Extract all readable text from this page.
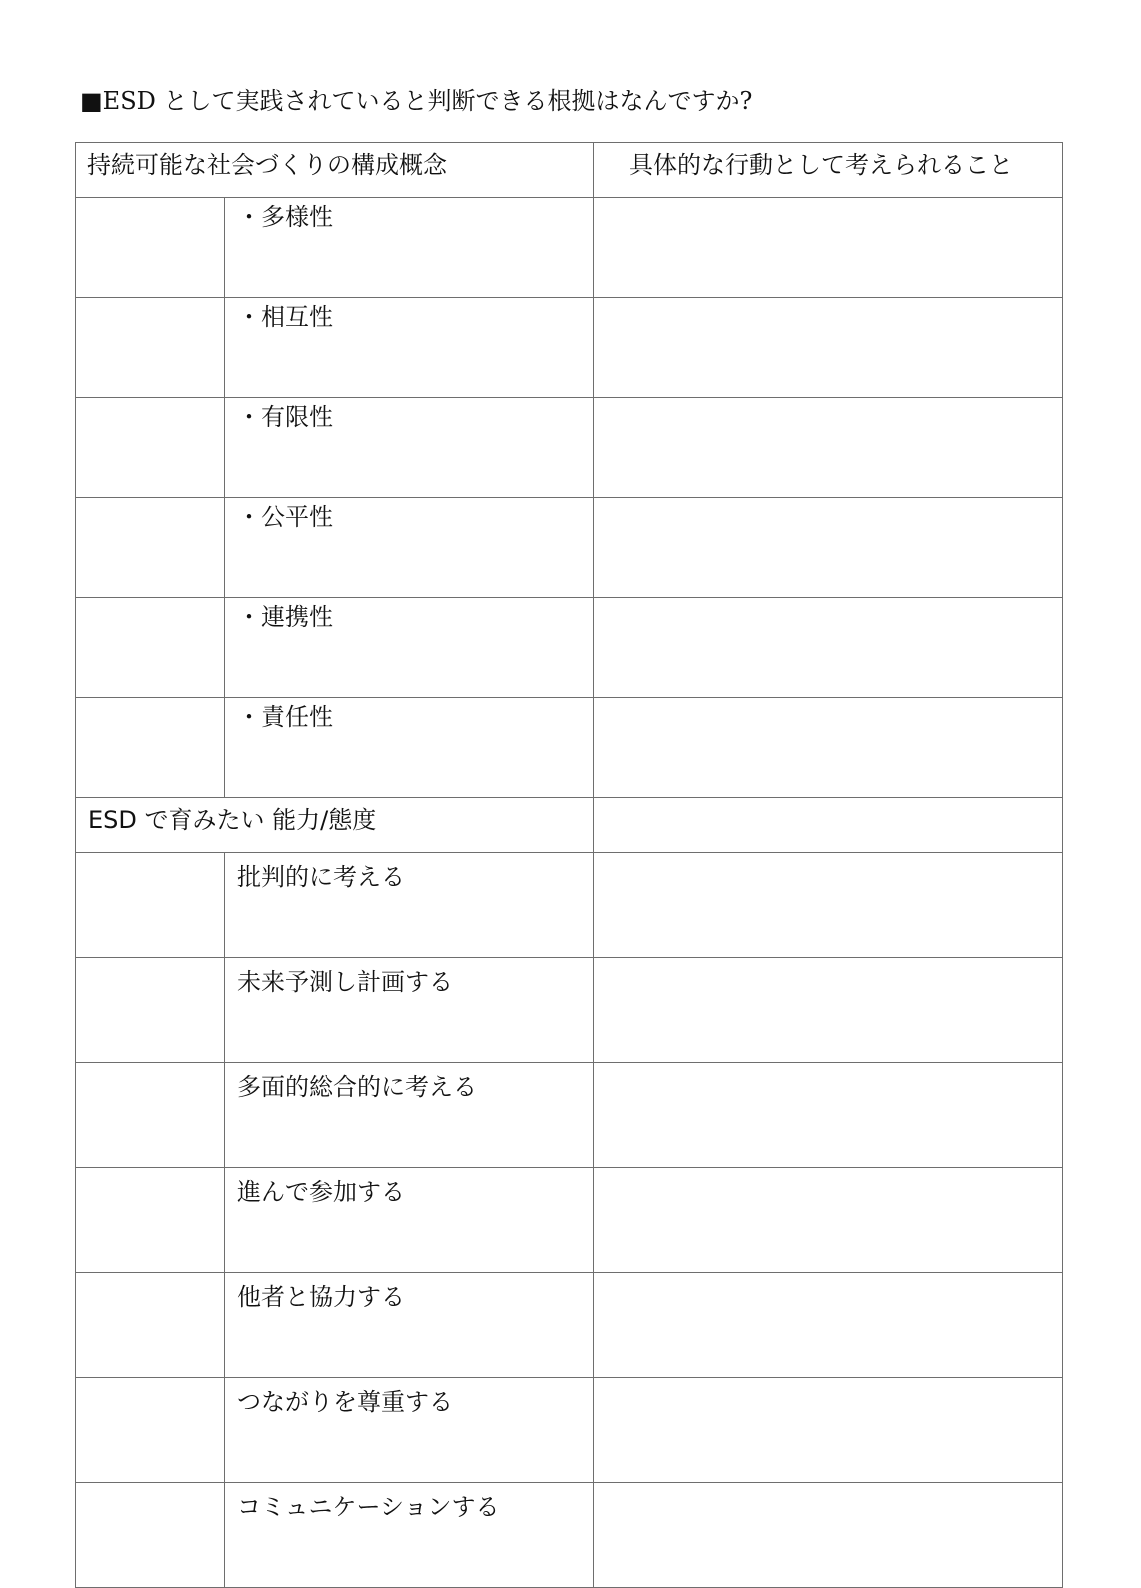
■ESD として実践されていると判断できる根拠はなんですか?
持続可能な社会づくりの構成概念		具体的な行動として考えられること
	・多様性	
	・相互性	
	・有限性	
	・公平性	
	・連携性	
	・責任性	
ESD で育みたい 能力/態度		
	批判的に考える	
	未来予測し計画する	
	多面的総合的に考える	
	進んで参加する	
	他者と協力する	
	つながりを尊重する	
	コミュニケーションする	
